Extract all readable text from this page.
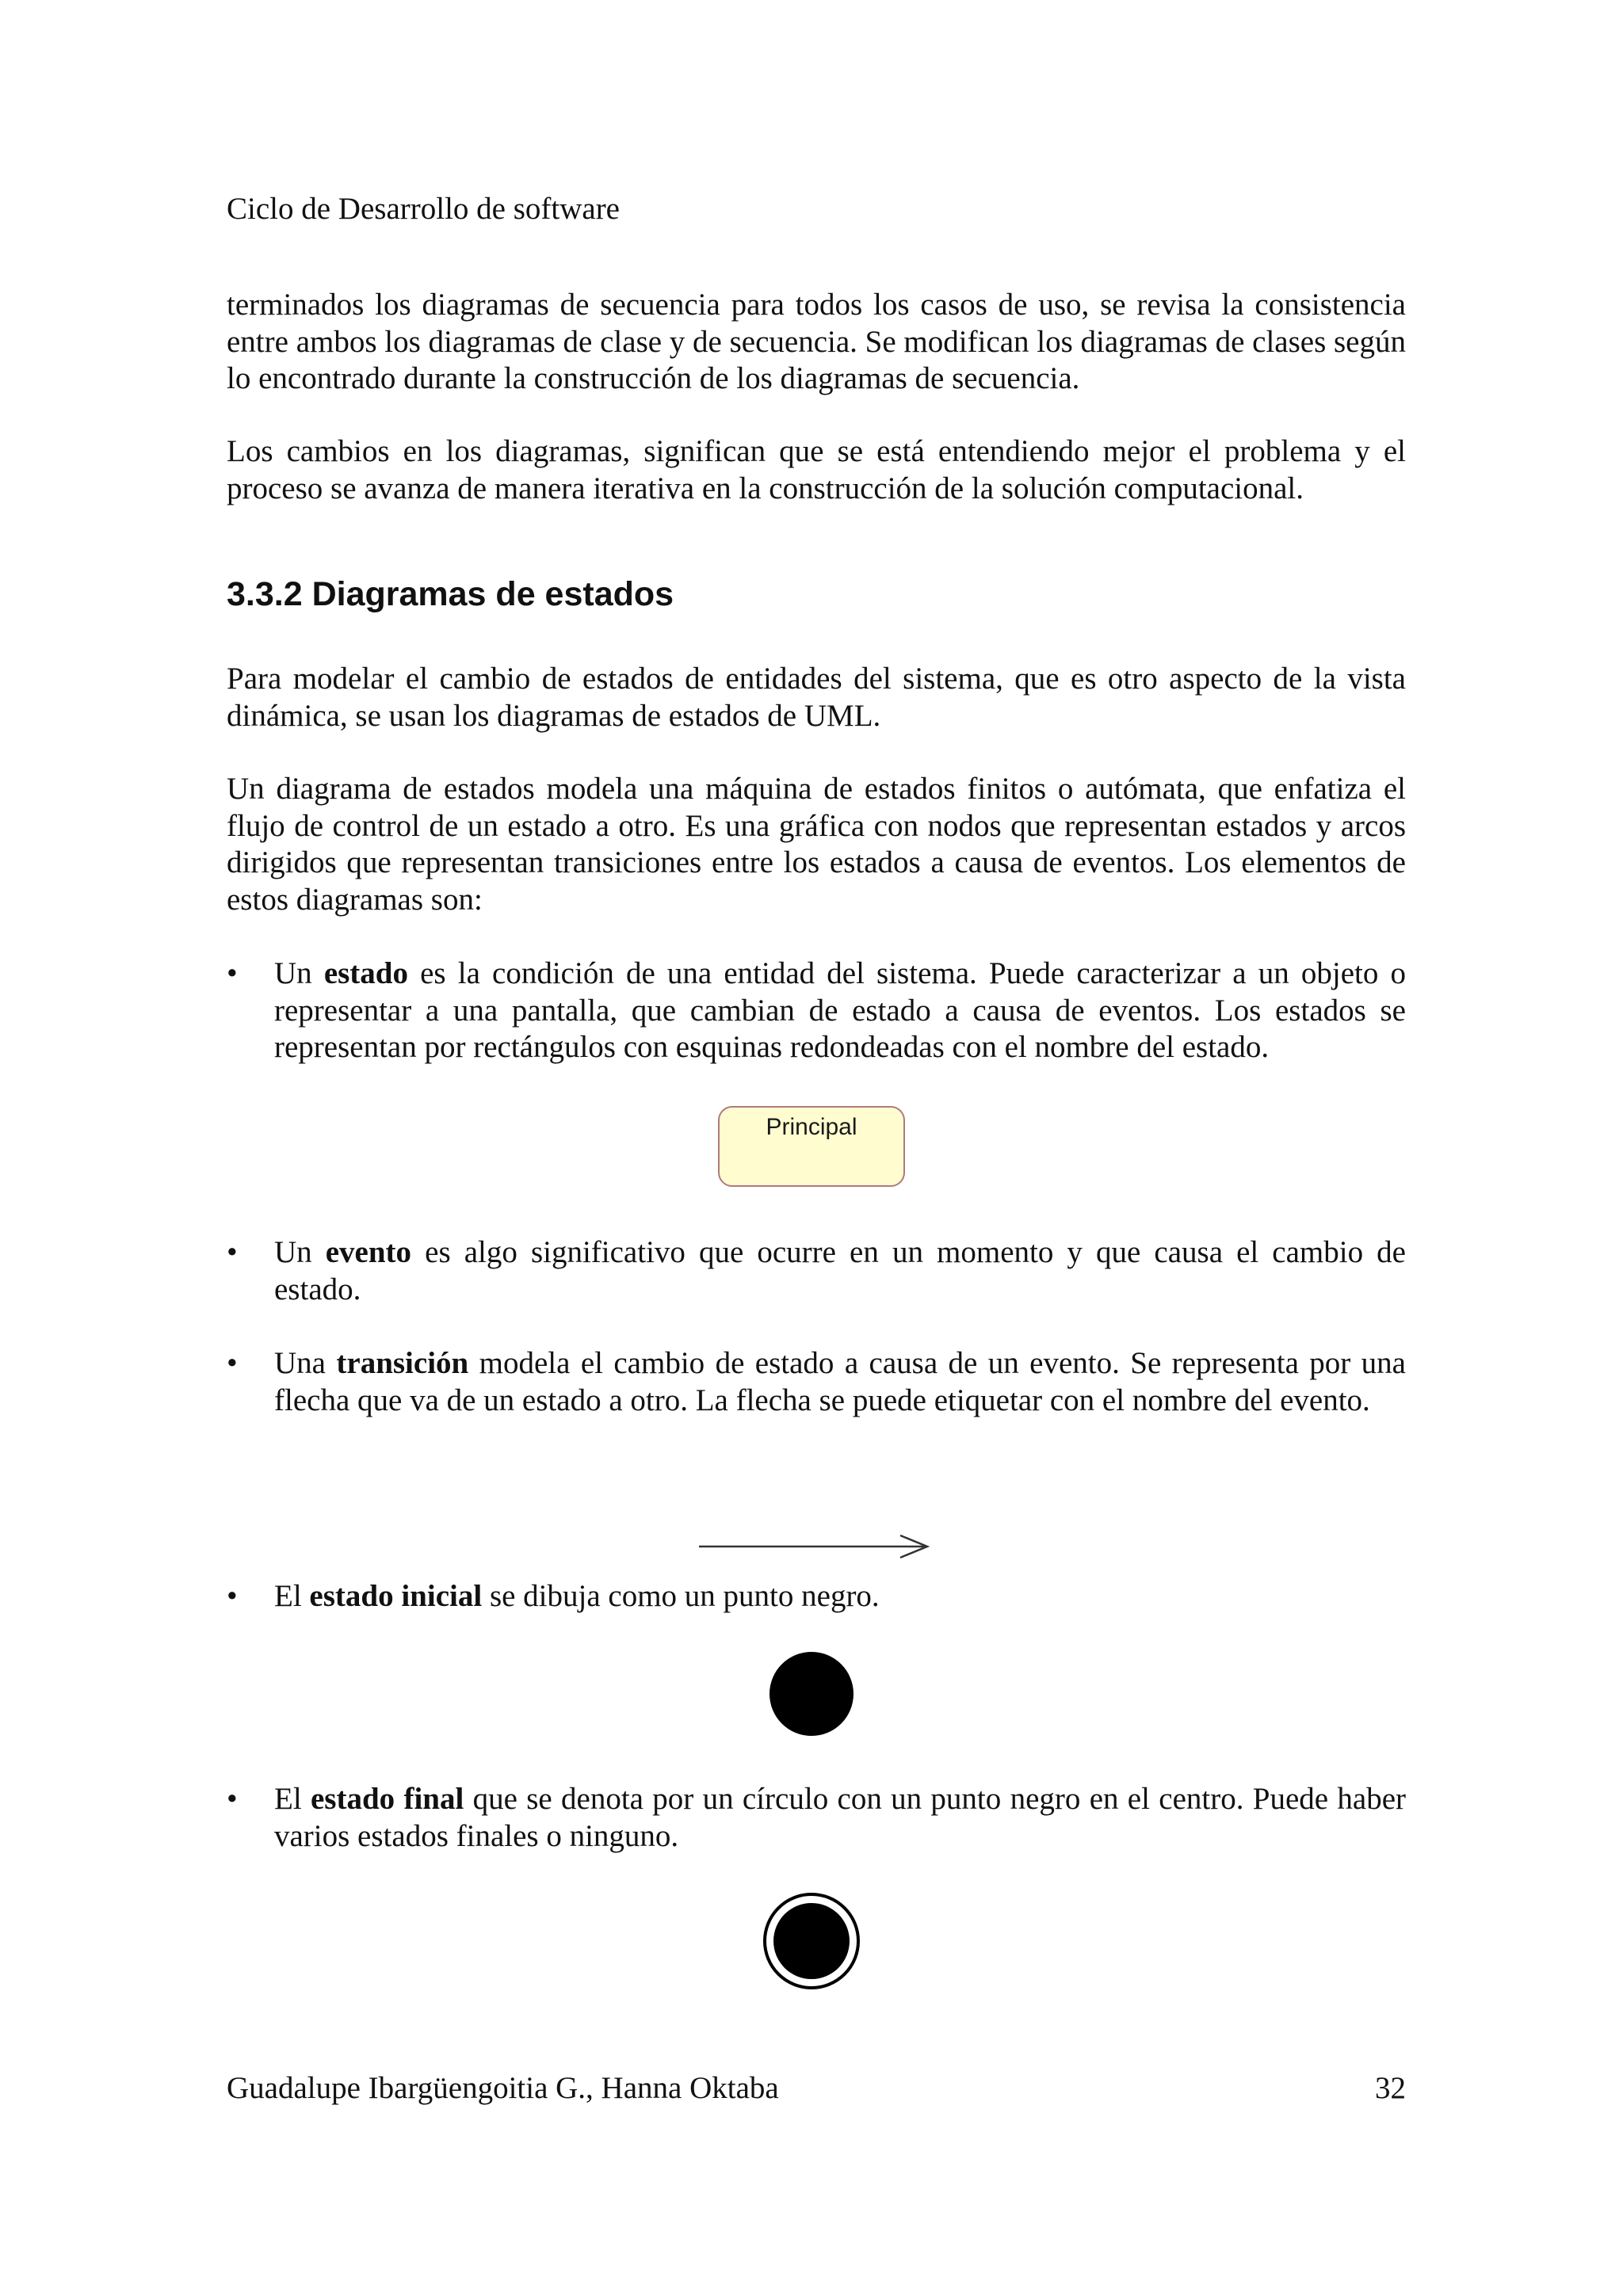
Ciclo de Desarrollo de software

terminados los diagramas de secuencia para todos los casos de uso, se revisa la consistencia entre ambos los diagramas de clase y de secuencia. Se modifican los diagramas de clases según lo encontrado durante la construcción de los diagramas de secuencia.

Los cambios en los diagramas, significan que se está entendiendo mejor el problema y el proceso se avanza de manera iterativa en la construcción de la solución computacional.

3.3.2 Diagramas de estados

Para modelar el cambio de estados de entidades del sistema, que es otro aspecto de la vista dinámica, se usan los diagramas de estados de UML.

Un diagrama de estados modela una máquina de estados finitos o autómata, que enfatiza el flujo de control de un estado a otro. Es una gráfica con nodos que representan estados y arcos dirigidos que representan transiciones entre los estados a causa de eventos. Los elementos de estos diagramas son:

•	Un estado es la condición de una entidad del sistema. Puede caracterizar a un objeto o representar a una pantalla, que cambian de estado a causa de eventos. Los estados se representan por rectángulos con esquinas redondeadas con el nombre del estado.
Principal
•	Un evento es algo significativo que ocurre en un momento y que causa el cambio de estado.
•	Una transición modela el cambio de estado a causa de un evento. Se representa por una flecha que va de un estado a otro. La flecha se puede etiquetar con el nombre del evento.
•	El estado inicial se dibuja como un punto negro.
•	El estado final que se denota por un círculo con un punto negro en el centro. Puede haber varios estados finales o ninguno.
Guadalupe Ibargüengoitia G., Hanna Oktaba	32
